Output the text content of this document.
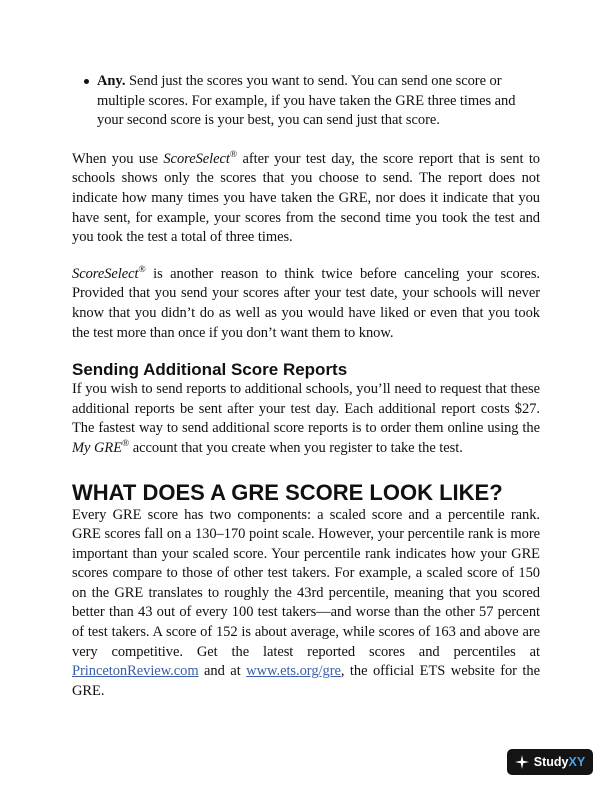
Any. Send just the scores you want to send. You can send one score or multiple scores. For example, if you have taken the GRE three times and your second score is your best, you can send just that score.

When you use ScoreSelect® after your test day, the score report that is sent to schools shows only the scores that you choose to send. The report does not indicate how many times you have taken the GRE, nor does it indicate that you have sent, for example, your scores from the second time you took the test and you took the test a total of three times.

ScoreSelect® is another reason to think twice before canceling your scores. Provided that you send your scores after your test date, your schools will never know that you didn’t do as well as you would have liked or even that you took the test more than once if you don’t want them to know.

Sending Additional Score Reports

If you wish to send reports to additional schools, you’ll need to request that these additional reports be sent after your test day. Each additional report costs $27. The fastest way to send additional score reports is to order them online using the My GRE® account that you create when you register to take the test.

WHAT DOES A GRE SCORE LOOK LIKE?

Every GRE score has two components: a scaled score and a percentile rank. GRE scores fall on a 130–170 point scale. However, your percentile rank is more important than your scaled score. Your percentile rank indicates how your GRE scores compare to those of other test takers. For example, a scaled score of 150 on the GRE translates to roughly the 43rd percentile, meaning that you scored better than 43 out of every 100 test takers—and worse than the other 57 percent of test takers. A score of 152 is about average, while scores of 163 and above are very competitive. Get the latest reported scores and percentiles at PrincetonReview.com and at www.ets.org/gre, the official ETS website for the GRE.

StudyXY
